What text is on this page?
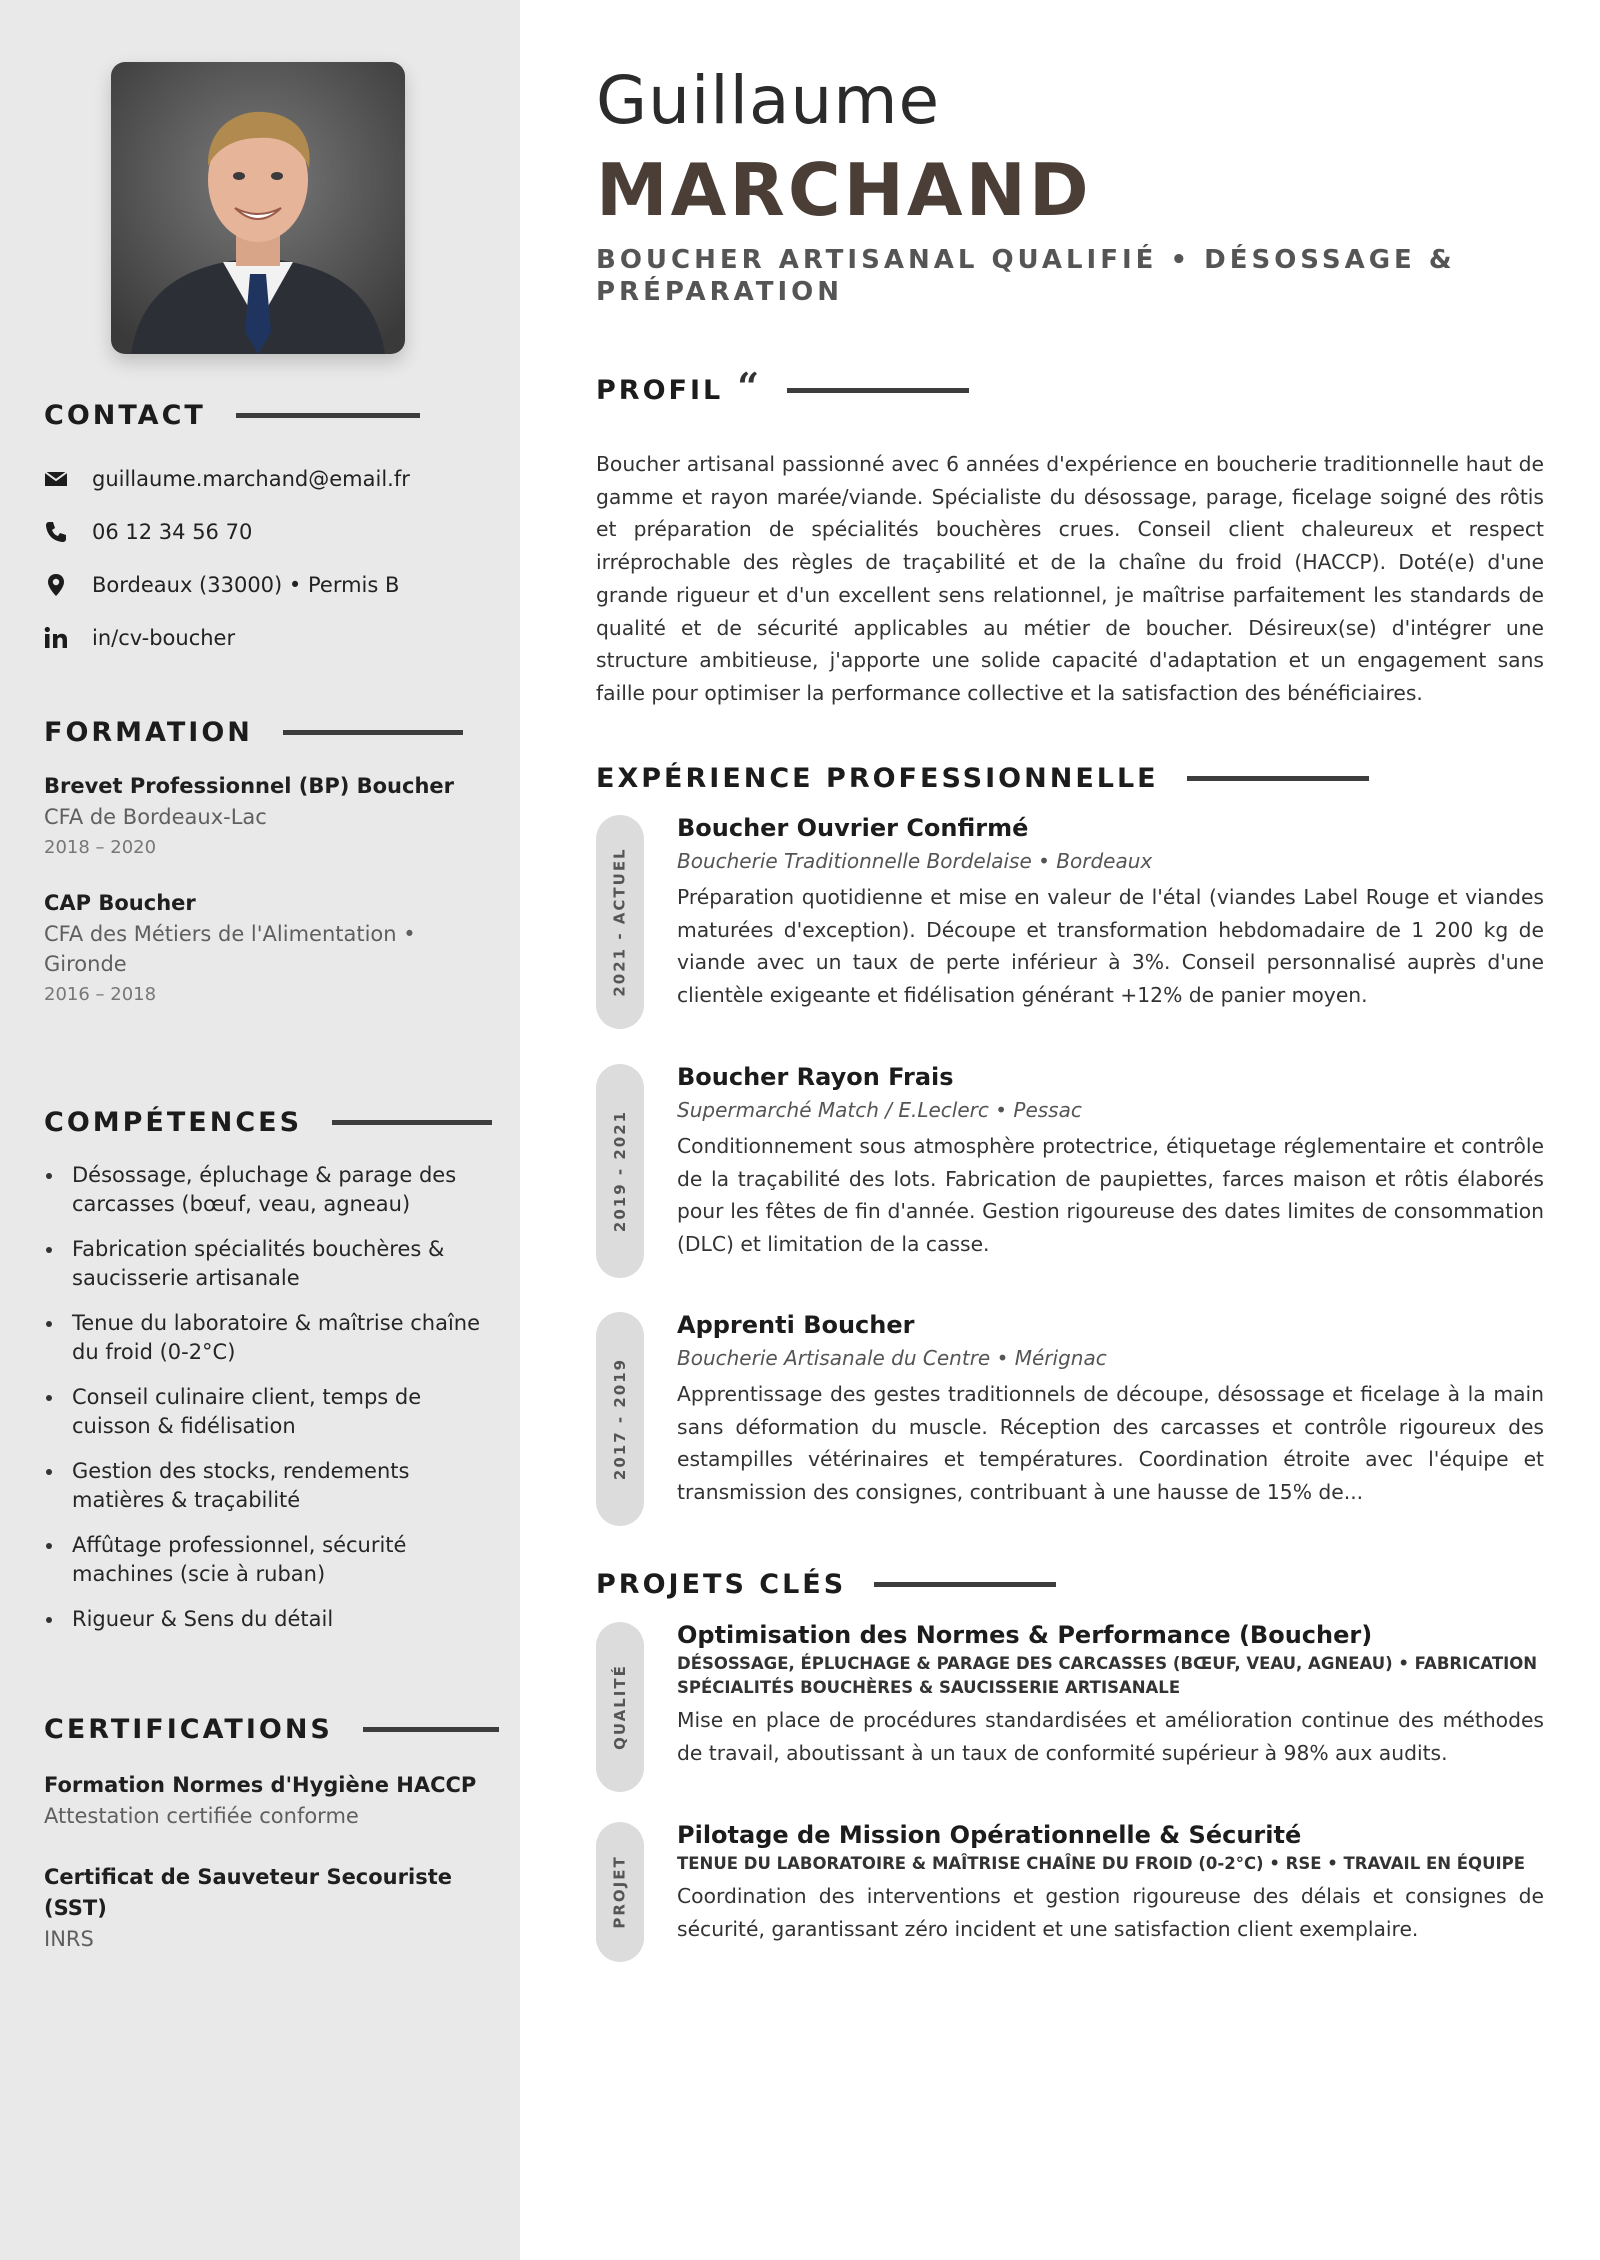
CONTACT
guillaume.marchand@email.fr
06 12 34 56 70
Bordeaux (33000) • Permis B
in/cv-boucher
FORMATION
Brevet Professionnel (BP) Boucher
CFA de Bordeaux-Lac
2018 – 2020
CAP Boucher
CFA des Métiers de l'Alimentation • Gironde
2016 – 2018
COMPÉTENCES
Désossage, épluchage & parage des carcasses (bœuf, veau, agneau)
Fabrication spécialités bouchères & saucisserie artisanale
Tenue du laboratoire & maîtrise chaîne du froid (0-2°C)
Conseil culinaire client, temps de cuisson & fidélisation
Gestion des stocks, rendements matières & traçabilité
Affûtage professionnel, sécurité machines (scie à ruban)
Rigueur & Sens du détail
CERTIFICATIONS
Formation Normes d'Hygiène HACCP
Attestation certifiée conforme
Certificat de Sauveteur Secouriste (SST)
INRS
Guillaume
MARCHAND
BOUCHER ARTISANAL QUALIFIÉ • DÉSOSSAGE & PRÉPARATION
PROFIL “

Boucher artisanal passionné avec 6 années d'expérience en boucherie traditionnelle haut de gamme et rayon marée/viande. Spécialiste du désossage, parage, ficelage soigné des rôtis et préparation de spécialités bouchères crues. Conseil client chaleureux et respect irréprochable des règles de traçabilité et de la chaîne du froid (HACCP). Doté(e) d'une grande rigueur et d'un excellent sens relationnel, je maîtrise parfaitement les standards de qualité et de sécurité applicables au métier de boucher. Désireux(se) d'intégrer une structure ambitieuse, j'apporte une solide capacité d'adaptation et un engagement sans faille pour optimiser la performance collective et la satisfaction des bénéficiaires.

EXPÉRIENCE PROFESSIONNELLE
2021 - ACTUEL
Boucher Ouvrier Confirmé
Boucherie Traditionnelle Bordelaise • Bordeaux
Préparation quotidienne et mise en valeur de l'étal (viandes Label Rouge et viandes maturées d'exception). Découpe et transformation hebdomadaire de 1 200 kg de viande avec un taux de perte inférieur à 3%. Conseil personnalisé auprès d'une clientèle exigeante et fidélisation générant +12% de panier moyen.
2019 - 2021
Boucher Rayon Frais
Supermarché Match / E.Leclerc • Pessac
Conditionnement sous atmosphère protectrice, étiquetage réglementaire et contrôle de la traçabilité des lots. Fabrication de paupiettes, farces maison et rôtis élaborés pour les fêtes de fin d'année. Gestion rigoureuse des dates limites de consommation (DLC) et limitation de la casse.
2017 - 2019
Apprenti Boucher
Boucherie Artisanale du Centre • Mérignac
Apprentissage des gestes traditionnels de découpe, désossage et ficelage à la main sans déformation du muscle. Réception des carcasses et contrôle rigoureux des estampilles vétérinaires et températures. Coordination étroite avec l'équipe et transmission des consignes, contribuant à une hausse de 15% de...
PROJETS CLÉS
QUALITÉ
Optimisation des Normes & Performance (Boucher)
DÉSOSSAGE, ÉPLUCHAGE & PARAGE DES CARCASSES (BŒUF, VEAU, AGNEAU) • FABRICATION SPÉCIALITÉS BOUCHÈRES & SAUCISSERIE ARTISANALE
Mise en place de procédures standardisées et amélioration continue des méthodes de travail, aboutissant à un taux de conformité supérieur à 98% aux audits.
PROJET
Pilotage de Mission Opérationnelle & Sécurité
TENUE DU LABORATOIRE & MAÎTRISE CHAÎNE DU FROID (0-2°C) • RSE • TRAVAIL EN ÉQUIPE
Coordination des interventions et gestion rigoureuse des délais et consignes de sécurité, garantissant zéro incident et une satisfaction client exemplaire.
